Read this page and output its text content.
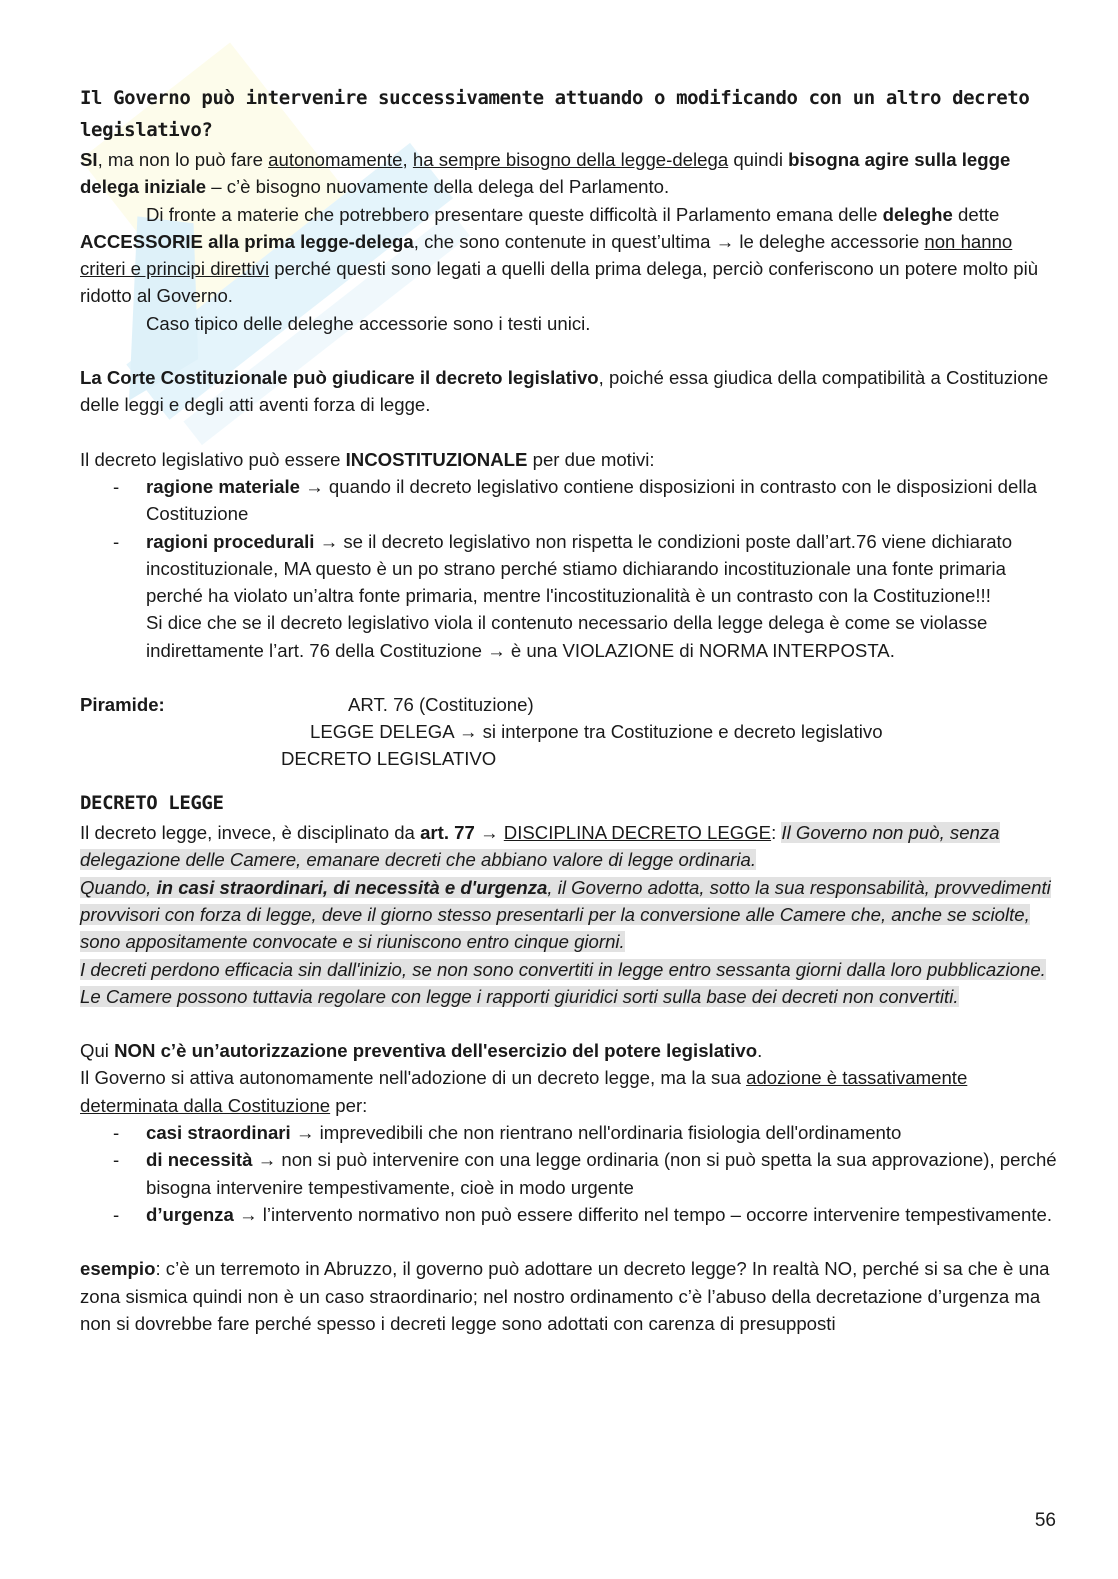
Il Governo può intervenire successivamente attuando o modificando con un altro decreto legislativo?

SI, ma non lo può fare autonomamente, ha sempre bisogno della legge-delega quindi bisogna agire sulla legge delega iniziale – c’è bisogno nuovamente della delega del Parlamento.

Di fronte a materie che potrebbero presentare queste difficoltà il Parlamento emana delle deleghe dette ACCESSORIE alla prima legge-delega, che sono contenute in quest’ultima → le deleghe accessorie non hanno criteri e principi direttivi perché questi sono legati a quelli della prima delega, perciò conferiscono un potere molto più ridotto al Governo.

Caso tipico delle deleghe accessorie sono i testi unici.

La Corte Costituzionale può giudicare il decreto legislativo, poiché essa giudica della compatibilità a Costituzione delle leggi e degli atti aventi forza di legge.

Il decreto legislativo può essere INCOSTITUZIONALE per due motivi:

- ragione materiale → quando il decreto legislativo contiene disposizioni in contrasto con le disposizioni della Costituzione
- ragioni procedurali → se il decreto legislativo non rispetta le condizioni poste dall’art.76 viene dichiarato incostituzionale, MA questo è un po strano perché stiamo dichiarando incostituzionale una fonte primaria perché ha violato un’altra fonte primaria, mentre l'incostituzionalità è un contrasto con la Costituzione!!!

Si dice che se il decreto legislativo viola il contenuto necessario della legge delega è come se violasse indirettamente l’art. 76 della Costituzione → è una VIOLAZIONE di NORMA INTERPOSTA.

Piramide:	ART. 76 (Costituzione)
LEGGE DELEGA → si interpone tra Costituzione e decreto legislativo
DECRETO LEGISLATIVO

DECRETO LEGGE

Il decreto legge, invece, è disciplinato da art. 77 → DISCIPLINA DECRETO LEGGE: Il Governo non può, senza delegazione delle Camere, emanare decreti che abbiano valore di legge ordinaria.

Quando, in casi straordinari, di necessità e d'urgenza, il Governo adotta, sotto la sua responsabilità, provvedimenti provvisori con forza di legge, deve il giorno stesso presentarli per la conversione alle Camere che, anche se sciolte, sono appositamente convocate e si riuniscono entro cinque giorni.

I decreti perdono efficacia sin dall'inizio, se non sono convertiti in legge entro sessanta giorni dalla loro pubblicazione. Le Camere possono tuttavia regolare con legge i rapporti giuridici sorti sulla base dei decreti non convertiti.

Qui NON c’è un’autorizzazione preventiva dell'esercizio del potere legislativo.

Il Governo si attiva autonomamente nell'adozione di un decreto legge, ma la sua adozione è tassativamente determinata dalla Costituzione per:

- casi straordinari → imprevedibili che non rientrano nell'ordinaria fisiologia dell'ordinamento
- di necessità → non si può intervenire con una legge ordinaria (non si può spetta la sua approvazione), perché bisogna intervenire tempestivamente, cioè in modo urgente
- d’urgenza → l’intervento normativo non può essere differito nel tempo – occorre intervenire tempestivamente.

esempio: c’è un terremoto in Abruzzo, il governo può adottare un decreto legge? In realtà NO, perché si sa che è una zona sismica quindi non è un caso straordinario; nel nostro ordinamento c’è l’abuso della decretazione d’urgenza ma non si dovrebbe fare perché spesso i decreti legge sono adottati con carenza di presupposti

56
